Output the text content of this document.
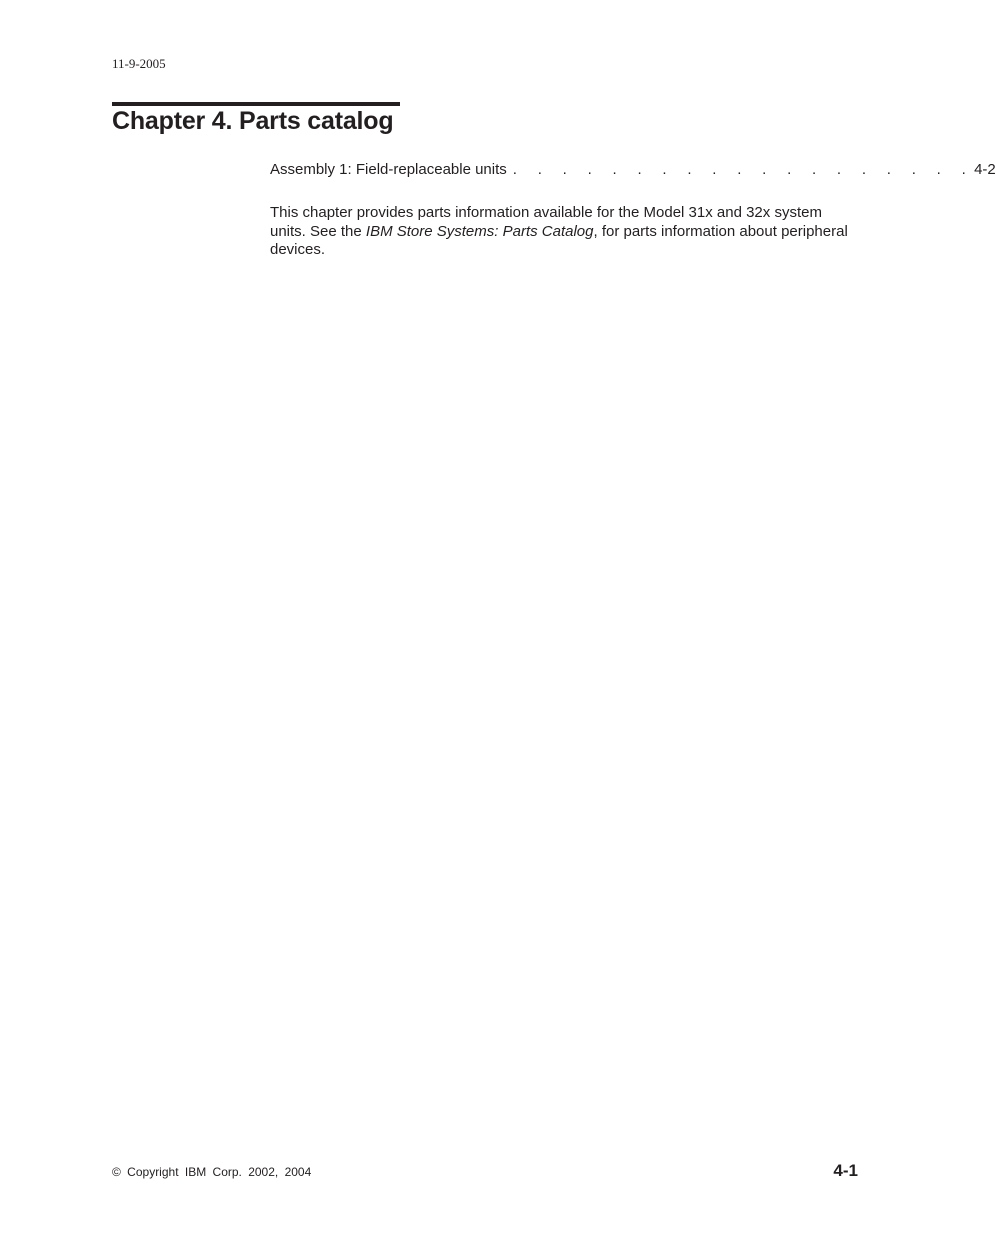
11-9-2005
Chapter 4. Parts catalog
Assembly 1: Field-replaceable units . . . . . . . . . . . . . . . . . . . 4-2

This chapter provides parts information available for the Model 31x and 32x system units. See the IBM Store Systems: Parts Catalog, for parts information about peripheral devices.

© Copyright IBM Corp. 2002, 2004	4-1
